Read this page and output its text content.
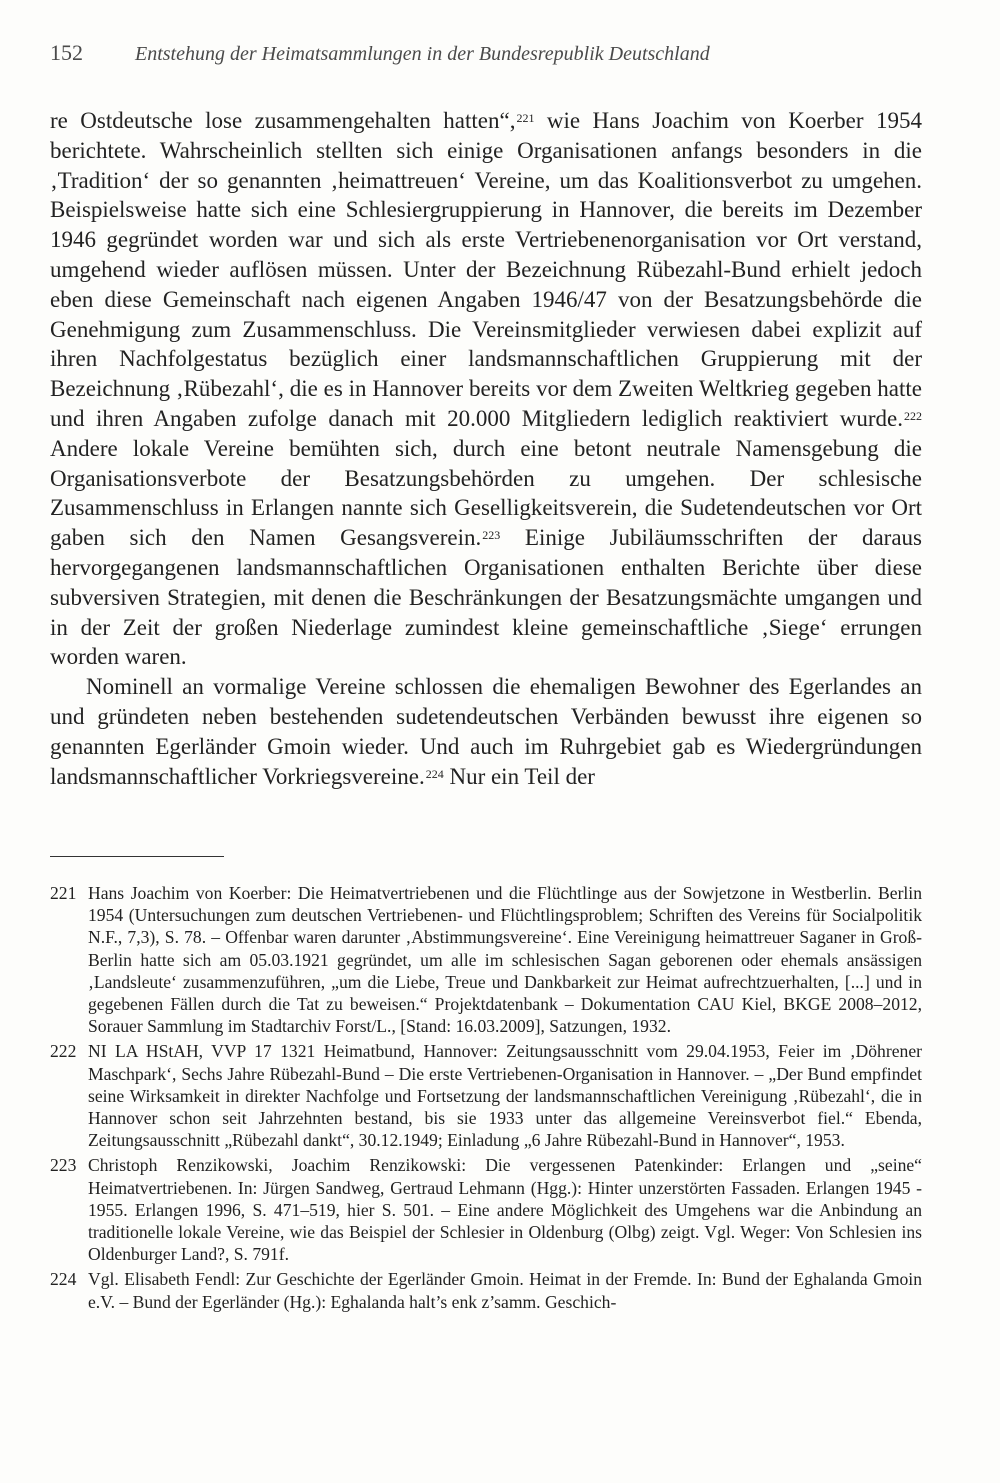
152	Entstehung der Heimatsammlungen in der Bundesrepublik Deutschland

re Ostdeutsche lose zusammengehalten hatten“,$^{221}$ wie Hans Joachim von Koerber 1954 berichtete. Wahrscheinlich stellten sich einige Organisationen anfangs besonders in die ‚Tradition‘ der so genannten ‚heimattreuen‘ Vereine, um das Koalitionsverbot zu umgehen. Beispielsweise hatte sich eine Schlesiergruppierung in Hannover, die bereits im Dezember 1946 gegründet worden war und sich als erste Vertriebenenorganisation vor Ort verstand, umgehend wieder auflösen müssen. Unter der Bezeichnung Rübezahl-Bund erhielt jedoch eben diese Gemeinschaft nach eigenen Angaben 1946/47 von der Besatzungsbehörde die Genehmigung zum Zusammenschluss. Die Vereinsmitglieder verwiesen dabei explizit auf ihren Nachfolgestatus bezüglich einer landsmannschaftlichen Gruppierung mit der Bezeichnung ‚Rübezahl‘, die es in Hannover bereits vor dem Zweiten Weltkrieg gegeben hatte und ihren Angaben zufolge danach mit 20.000 Mitgliedern lediglich reaktiviert wurde.$^{222}$ Andere lokale Vereine bemühten sich, durch eine betont neutrale Namensgebung die Organisationsverbote der Besatzungsbehörden zu umgehen. Der schlesische Zusammenschluss in Erlangen nannte sich Geselligkeitsverein, die Sudetendeutschen vor Ort gaben sich den Namen Gesangsverein.$^{223}$ Einige Jubiläumsschriften der daraus hervorgegangenen landsmannschaftlichen Organisationen enthalten Berichte über diese subversiven Strategien, mit denen die Beschränkungen der Besatzungsmächte umgangen und in der Zeit der großen Niederlage zumindest kleine gemeinschaftliche ‚Siege‘ errungen worden waren.

Nominell an vormalige Vereine schlossen die ehemaligen Bewohner des Egerlandes an und gründeten neben bestehenden sudetendeutschen Verbänden bewusst ihre eigenen so genannten Egerländer Gmoin wieder. Und auch im Ruhrgebiet gab es Wiedergründungen landsmannschaftlicher Vorkriegsvereine.$^{224}$ Nur ein Teil der

221 Hans Joachim von Koerber: Die Heimatvertriebenen und die Flüchtlinge aus der Sowjetzone in Westberlin. Berlin 1954 (Untersuchungen zum deutschen Vertriebenen- und Flüchtlingsproblem; Schriften des Vereins für Socialpolitik N.F., 7,3), S. 78. – Offenbar waren darunter ‚Abstimmungsvereine‘. Eine Vereinigung heimattreuer Saganer in Groß-Berlin hatte sich am 05.03.1921 gegründet, um alle im schlesischen Sagan geborenen oder ehemals ansässigen ‚Landsleute‘ zusammenzuführen, „um die Liebe, Treue und Dankbarkeit zur Heimat aufrechtzuerhalten, [...] und in gegebenen Fällen durch die Tat zu beweisen.“ Projektdatenbank – Dokumentation CAU Kiel, BKGE 2008–2012, Sorauer Sammlung im Stadtarchiv Forst/L., [Stand: 16.03.2009], Satzungen, 1932.
222 NI LA HStAH, VVP 17 1321 Heimatbund, Hannover: Zeitungsausschnitt vom 29.04.1953, Feier im ‚Döhrener Maschpark‘, Sechs Jahre Rübezahl-Bund – Die erste Vertriebenen-Organisation in Hannover. – „Der Bund empfindet seine Wirksamkeit in direkter Nachfolge und Fortsetzung der landsmannschaftlichen Vereinigung ‚Rübezahl‘, die in Hannover schon seit Jahrzehnten bestand, bis sie 1933 unter das allgemeine Vereinsverbot fiel.“ Ebenda, Zeitungsausschnitt „Rübezahl dankt“, 30.12.1949; Einladung „6 Jahre Rübezahl-Bund in Hannover“, 1953.
223 Christoph Renzikowski, Joachim Renzikowski: Die vergessenen Patenkinder: Erlangen und „seine“ Heimatvertriebenen. In: Jürgen Sandweg, Gertraud Lehmann (Hgg.): Hinter unzerstörten Fassaden. Erlangen 1945 - 1955. Erlangen 1996, S. 471–519, hier S. 501. – Eine andere Möglichkeit des Umgehens war die Anbindung an traditionelle lokale Vereine, wie das Beispiel der Schlesier in Oldenburg (Olbg) zeigt. Vgl. Weger: Von Schlesien ins Oldenburger Land?, S. 791f.
224 Vgl. Elisabeth Fendl: Zur Geschichte der Egerländer Gmoin. Heimat in der Fremde. In: Bund der Eghalanda Gmoin e.V. – Bund der Egerländer (Hg.): Eghalanda halt’s enk z’samm. Geschich-
